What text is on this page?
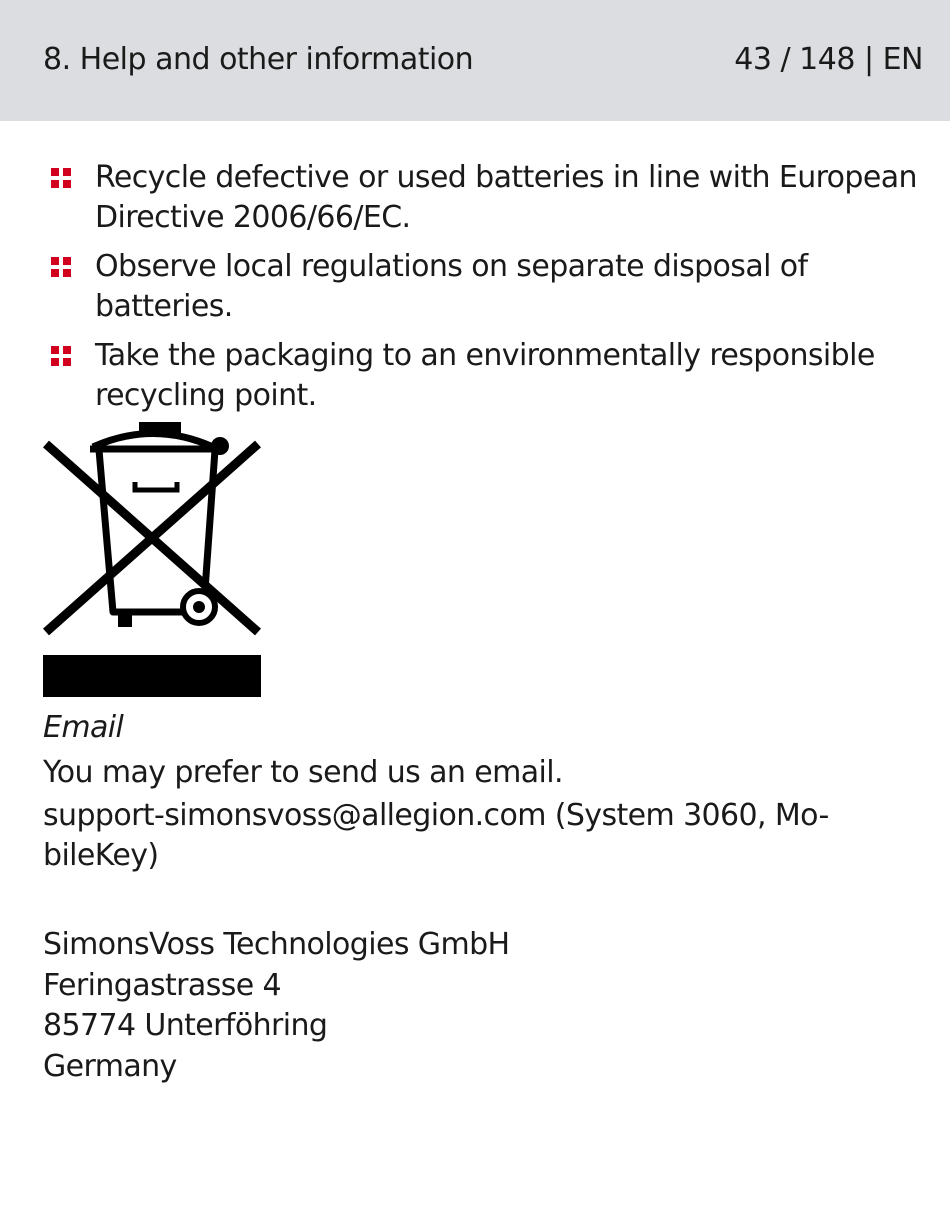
8. Help and other information	43 / 148 | EN
Recycle defective or used batteries in line with European Directive 2006/66/EC.
Observe local regulations on separate disposal of batteries.
Take the packaging to an environmentally responsible recycling point.
Email
You may prefer to send us an email.
support-simonsvoss@allegion.com (System 3060, Mo-bileKey)
SimonsVoss Technologies GmbH
Feringastrasse 4
85774 Unterföhring
Germany
